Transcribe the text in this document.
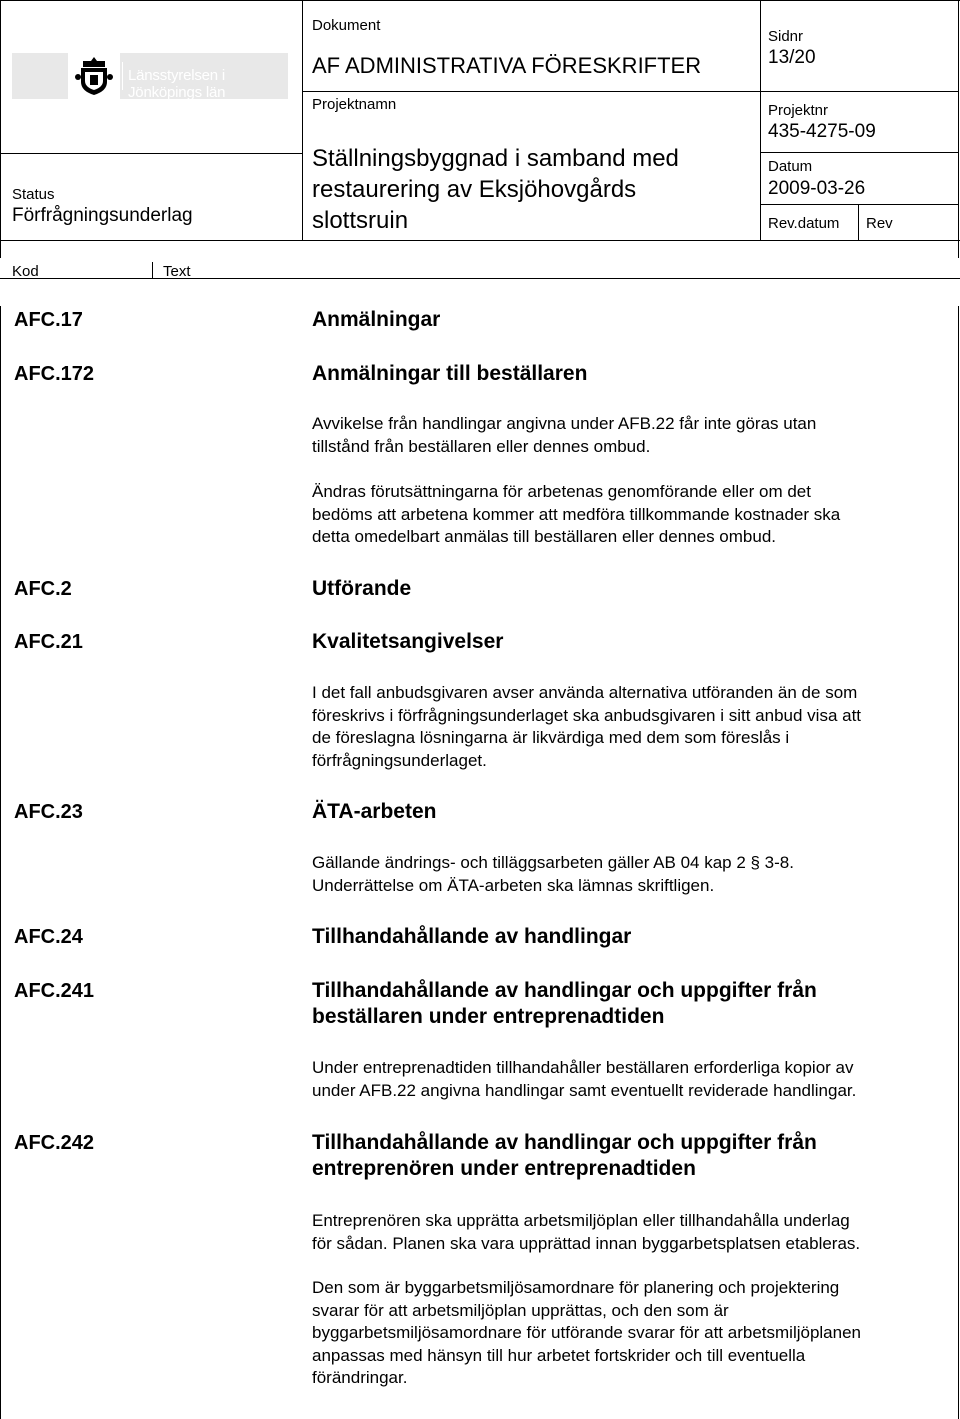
Länsstyrelsen i Jönköpings län
Dokument
AF ADMINISTRATIVA FÖRESKRIFTER
Sidnr
13/20
Projektnamn
Ställningsbyggnad i samband med
restaurering av Eksjöhovgårds
slottsruin
Projektnr
435-4275-09
Datum
2009-03-26
Rev.datum Rev
Status
Förfrågningsunderlag
Kod	Text
AFC.17	Anmälningar
AFC.172	Anmälningar till beställaren

Avvikelse från handlingar angivna under AFB.22 får inte göras utan

tillstånd från beställaren eller dennes ombud.

Ändras förutsättningarna för arbetenas genomförande eller om det

bedöms att arbetena kommer att medföra tillkommande kostnader ska

detta omedelbart anmälas till beställaren eller dennes ombud.

AFC.2	Utförande
AFC.21	Kvalitetsangivelser

I det fall anbudsgivaren avser använda alternativa utföranden än de som

föreskrivs i förfrågningsunderlaget ska anbudsgivaren i sitt anbud visa att

de föreslagna lösningarna är likvärdiga med dem som föreslås i

förfrågningsunderlaget.

AFC.23	ÄTA-arbeten

Gällande ändrings- och tilläggsarbeten gäller AB 04 kap 2 § 3-8.

Underrättelse om ÄTA-arbeten ska lämnas skriftligen.

AFC.24	Tillhandahållande av handlingar
AFC.241	Tillhandahållande av handlingar och uppgifter från
beställaren under entreprenadtiden

Under entreprenadtiden tillhandahåller beställaren erforderliga kopior av

under AFB.22 angivna handlingar samt eventuellt reviderade handlingar.

AFC.242	Tillhandahållande av handlingar och uppgifter från
entreprenören under entreprenadtiden

Entreprenören ska upprätta arbetsmiljöplan eller tillhandahålla underlag

för sådan. Planen ska vara upprättad innan byggarbetsplatsen etableras.

Den som är byggarbetsmiljösamordnare för planering och projektering

svarar för att arbetsmiljöplan upprättas, och den som är

byggarbetsmiljösamordnare för utförande svarar för att arbetsmiljöplanen

anpassas med hänsyn till hur arbetet fortskrider och till eventuella

förändringar.
